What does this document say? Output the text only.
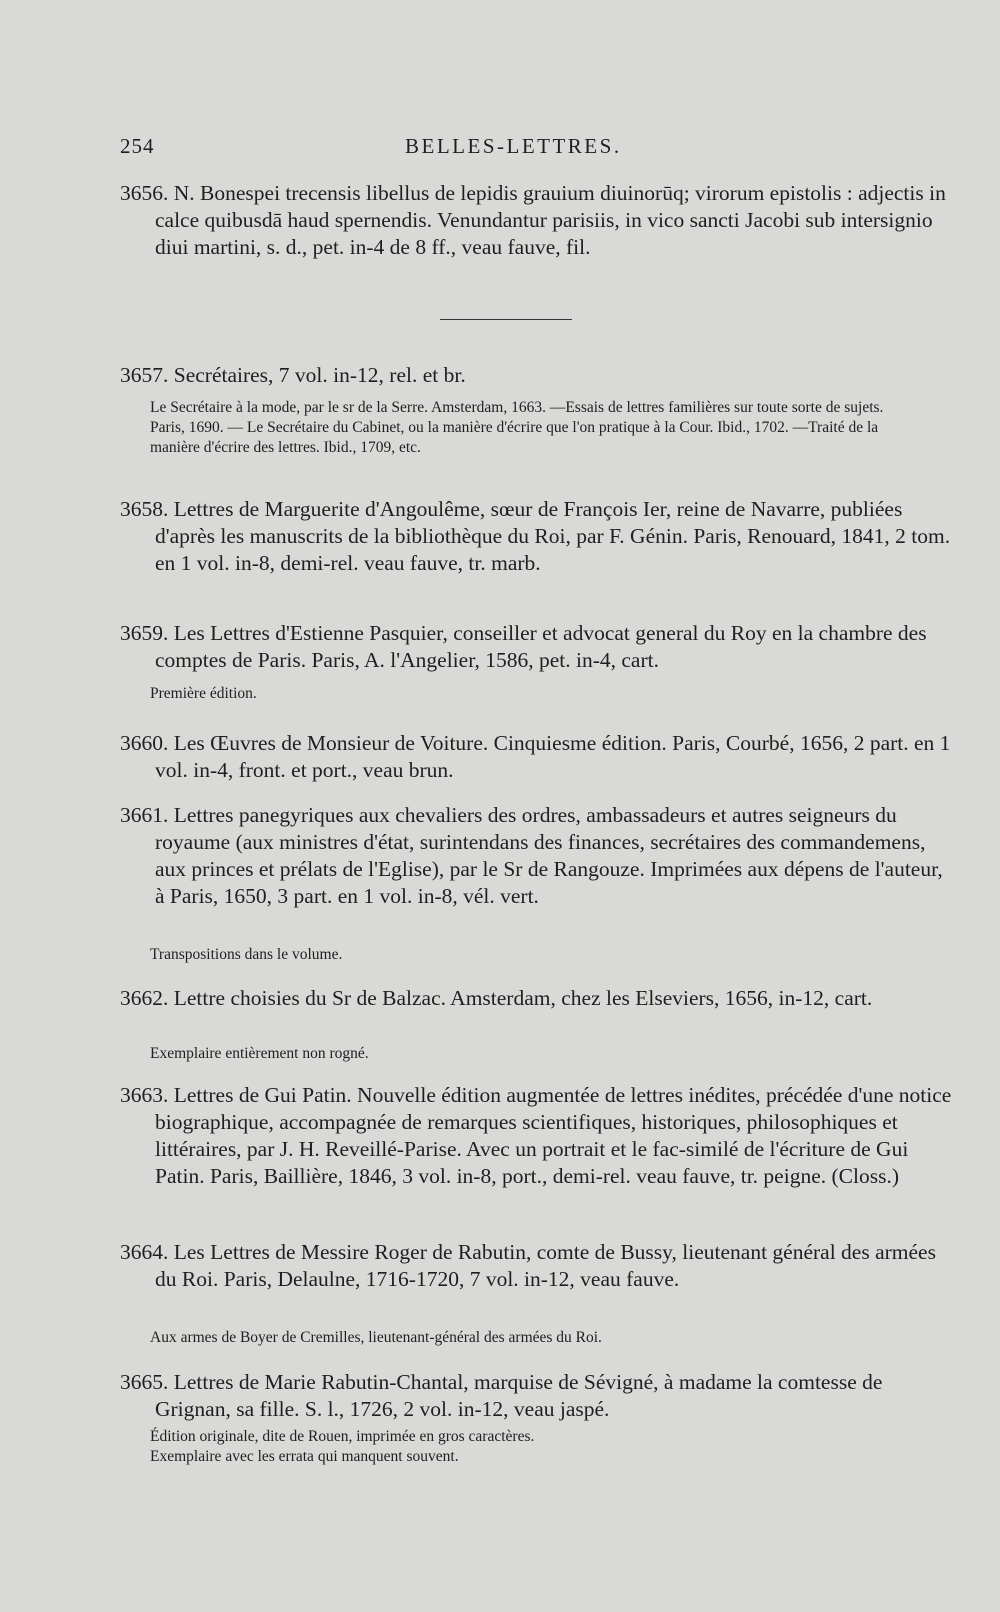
254	BELLES-LETTRES.
3656. N. Bonespei trecensis libellus de lepidis grauium diuinorūq; virorum epistolis : adjectis in calce quibusdā haud spernendis. Venundantur parisiis, in vico sancti Jacobi sub intersignio diui martini, s. d., pet. in-4 de 8 ff., veau fauve, fil.
3657. Secrétaires, 7 vol. in-12, rel. et br.
Le Secrétaire à la mode, par le sr de la Serre. Amsterdam, 1663. —Essais de lettres familières sur toute sorte de sujets. Paris, 1690. — Le Secrétaire du Cabinet, ou la manière d'écrire que l'on pratique à la Cour. Ibid., 1702. —Traité de la manière d'écrire des lettres. Ibid., 1709, etc.
3658. Lettres de Marguerite d'Angoulême, sœur de François Ier, reine de Navarre, publiées d'après les manuscrits de la bibliothèque du Roi, par F. Génin. Paris, Renouard, 1841, 2 tom. en 1 vol. in-8, demi-rel. veau fauve, tr. marb.
3659. Les Lettres d'Estienne Pasquier, conseiller et advocat general du Roy en la chambre des comptes de Paris. Paris, A. l'Angelier, 1586, pet. in-4, cart.
Première édition.
3660. Les Œuvres de Monsieur de Voiture. Cinquiesme édition. Paris, Courbé, 1656, 2 part. en 1 vol. in-4, front. et port., veau brun.
3661. Lettres panegyriques aux chevaliers des ordres, ambassadeurs et autres seigneurs du royaume (aux ministres d'état, surintendans des finances, secrétaires des commandemens, aux princes et prélats de l'Eglise), par le Sr de Rangouze. Imprimées aux dépens de l'auteur, à Paris, 1650, 3 part. en 1 vol. in-8, vél. vert.
Transpositions dans le volume.
3662. Lettre choisies du Sr de Balzac. Amsterdam, chez les Elseviers, 1656, in-12, cart.
Exemplaire entièrement non rogné.
3663. Lettres de Gui Patin. Nouvelle édition augmentée de lettres inédites, précédée d'une notice biographique, accompagnée de remarques scientifiques, historiques, philosophiques et littéraires, par J. H. Reveillé-Parise. Avec un portrait et le fac-similé de l'écriture de Gui Patin. Paris, Baillière, 1846, 3 vol. in-8, port., demi-rel. veau fauve, tr. peigne. (Closs.)
3664. Les Lettres de Messire Roger de Rabutin, comte de Bussy, lieutenant général des armées du Roi. Paris, Delaulne, 1716-1720, 7 vol. in-12, veau fauve.
Aux armes de Boyer de Cremilles, lieutenant-général des armées du Roi.
3665. Lettres de Marie Rabutin-Chantal, marquise de Sévigné, à madame la comtesse de Grignan, sa fille. S. l., 1726, 2 vol. in-12, veau jaspé.
Édition originale, dite de Rouen, imprimée en gros caractères.
Exemplaire avec les errata qui manquent souvent.
